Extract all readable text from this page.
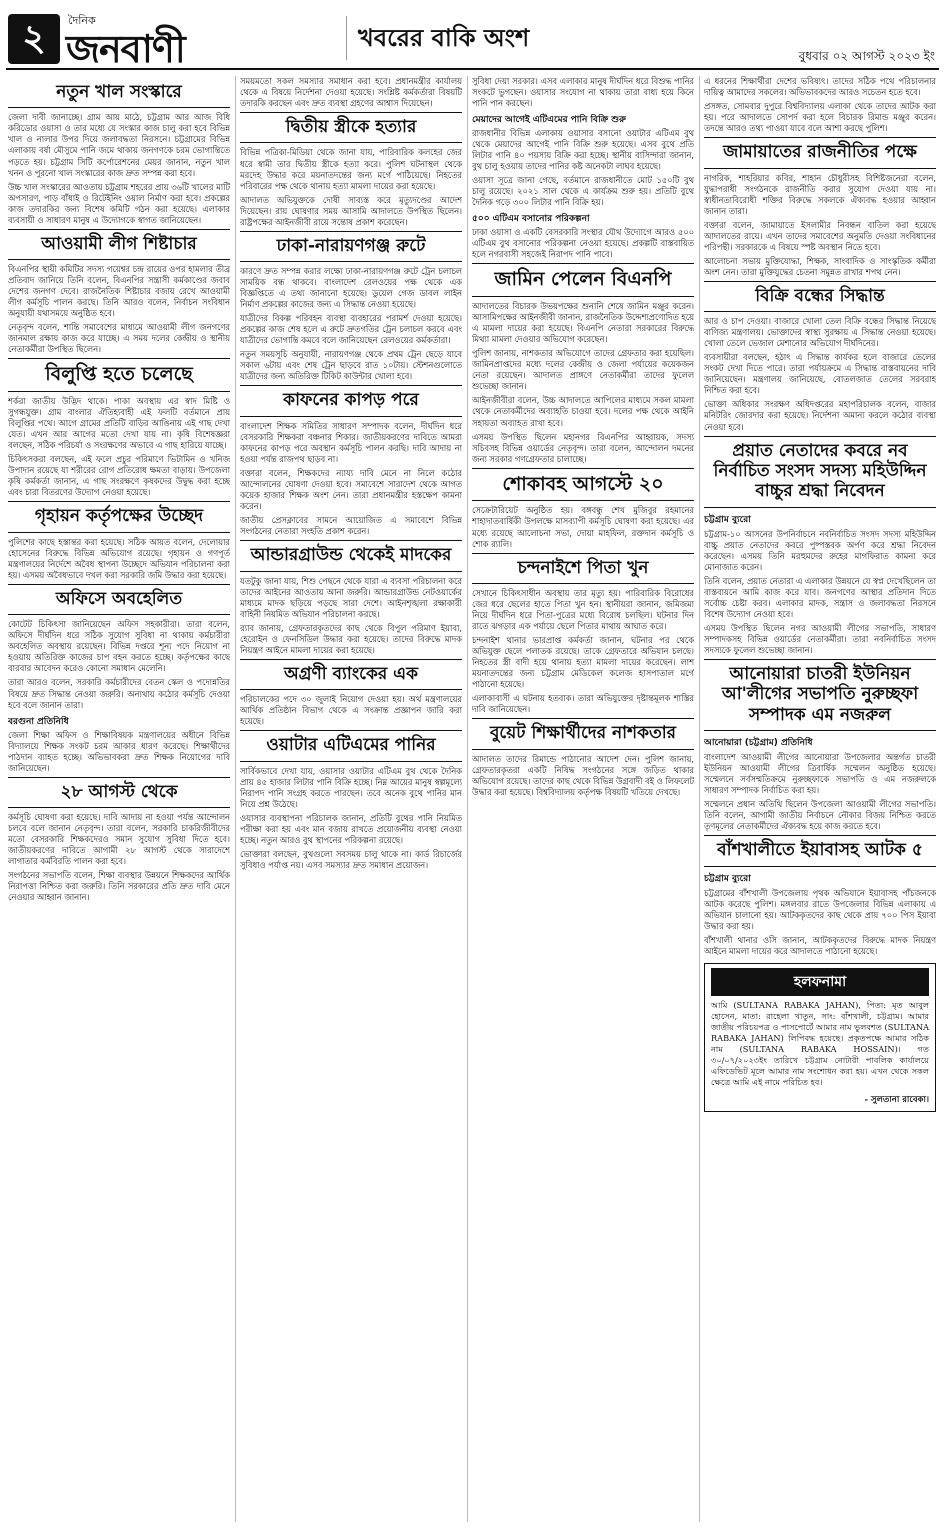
২	দৈনিক
জনবাণী	খবরের বাকি অংশ
বুধবার ০২ আগস্ট ২০২৩ ইং
নতুন খাল সংস্কারে

জেলা দাবী জানাচ্ছে। গ্রাম আয় মাঠে, চট্টগ্রাম আর আজ বিধি করিডোর ওয়াসা ও তার মধ্যে যে সংস্কার কাজ চালু করা হবে বিভিন্ন খাল ও নালার উপর দিয়ে জলাবদ্ধতা নিরসনে। চট্টগ্রামের বিভিন্ন এলাকায় বর্ষা মৌসুমে পানি জমে থাকায় জনগণকে চরম ভোগান্তিতে পড়তে হয়। চট্টগ্রাম সিটি কর্পোরেশনের মেয়র জানান, নতুন খাল খনন ও পুরনো খাল সংস্কারের কাজ দ্রুত সম্পন্ন করা হবে।

উচ্চ খাল সংস্কারের আওতায় চট্টগ্রাম শহরের প্রায় ৩৬টি খালের মাটি অপসারণ, পাড় বাঁধাই ও রিটেইনিং ওয়াল নির্মাণ করা হবে। প্রকল্পের কাজ তদারকির জন্য বিশেষ কমিটি গঠন করা হয়েছে। এলাকার ব্যবসায়ী ও সাধারণ মানুষ এ উদ্যোগকে স্বাগত জানিয়েছেন।

আওয়ামী লীগ শিষ্টাচার

বিএনপির স্থায়ী কমিটির সদস্য গয়েশ্বর চন্দ্র রায়ের ওপর হামলার তীব্র প্রতিবাদ জানিয়ে তিনি বলেন, বিএনপির সন্ত্রাসী কর্মকাণ্ডের জবাব দেশের জনগণ দেবে। রাজনৈতিক শিষ্টাচার বজায় রেখে আওয়ামী লীগ কর্মসূচি পালন করছে। তিনি আরও বলেন, নির্বাচন সংবিধান অনুযায়ী যথাসময়ে অনুষ্ঠিত হবে।

নেতৃবৃন্দ বলেন, শান্তি সমাবেশের মাধ্যমে আওয়ামী লীগ জনগণের জানমাল রক্ষায় কাজ করে যাচ্ছে। এ সময় দলের কেন্দ্রীয় ও স্থানীয় নেতাকর্মীরা উপস্থিত ছিলেন।

বিলুপ্তি হতে চলেছে

শর্করা জাতীয় উদ্ভিদ থাকে। পাকা অবস্থায় এর স্বাদ মিষ্টি ও সুগন্ধযুক্ত। গ্রাম বাংলার ঐতিহ্যবাহী এই ফলটি বর্তমানে প্রায় বিলুপ্তির পথে। আগে গ্রামের প্রতিটি বাড়ির আঙিনায় এই গাছ দেখা যেত। এখন আর আগের মতো দেখা যায় না। কৃষি বিশেষজ্ঞরা বলছেন, সঠিক পরিচর্যা ও সংরক্ষণের অভাবে এ গাছ হারিয়ে যাচ্ছে।

চিকিৎসকরা বলছেন, এই ফলে প্রচুর পরিমাণে ভিটামিন ও খনিজ উপাদান রয়েছে যা শরীরের রোগ প্রতিরোধ ক্ষমতা বাড়ায়। উপজেলা কৃষি কর্মকর্তা জানান, এ গাছ সংরক্ষণে কৃষকদের উদ্বুদ্ধ করা হচ্ছে এবং চারা বিতরণের উদ্যোগ নেওয়া হয়েছে।

গৃহায়ন কর্তৃপক্ষের উচ্ছেদ

পুলিশের কাছে হস্তান্তর করা হয়েছে। সঠিক আয়ত বলেন, দেলোয়ার হোসেনের বিরুদ্ধে বিভিন্ন অভিযোগ রয়েছে। গৃহায়ন ও গণপূর্ত মন্ত্রণালয়ের নির্দেশে অবৈধ স্থাপনা উচ্ছেদে অভিযান পরিচালনা করা হয়। এসময় অবৈধভাবে দখল করা সরকারি জমি উদ্ধার করা হয়েছে।

অফিসে অবহেলিত

কোটেট চিকিৎসা জানিয়েছেন অফিস সহকারীরা। তারা বলেন, অফিসে দীর্ঘদিন ধরে সঠিক সুযোগ সুবিধা না থাকায় কর্মচারীরা অবহেলিত অবস্থায় রয়েছেন। বিভিন্ন দপ্তরে শূন্য পদে নিয়োগ না হওয়ায় অতিরিক্ত কাজের চাপ বহন করতে হচ্ছে। কর্তৃপক্ষের কাছে বারবার আবেদন করেও কোনো সমাধান মেলেনি।

তারা আরও বলেন, সরকারি কর্মচারীদের বেতন স্কেল ও পদোন্নতির বিষয়ে দ্রুত সিদ্ধান্ত নেওয়া জরুরি। অন্যথায় কঠোর কর্মসূচি দেওয়া হবে বলে জানান তারা।

বরগুনা প্রতিনিধি

জেলা শিক্ষা অফিস ও শিক্ষাবিষয়ক মন্ত্রণালয়ের অধীনে বিভিন্ন বিদ্যালয়ে শিক্ষক সংকট চরম আকার ধারণ করেছে। শিক্ষার্থীদের পাঠদান ব্যাহত হচ্ছে। অভিভাবকরা দ্রুত শিক্ষক নিয়োগের দাবি জানিয়েছেন।

২৮ আগস্ট থেকে

কর্মসূচি ঘোষণা করা হয়েছে। দাবি আদায় না হওয়া পর্যন্ত আন্দোলন চলবে বলে জানান নেতৃবৃন্দ। তারা বলেন, সরকারি চাকরিজীবীদের মতো বেসরকারি শিক্ষকদেরও সমান সুযোগ সুবিধা দিতে হবে। জাতীয়করণের দাবিতে আগামী ২৮ আগস্ট থেকে সারাদেশে লাগাতার কর্মবিরতি পালন করা হবে।

সংগঠনের সভাপতি বলেন, শিক্ষা ব্যবস্থার উন্নয়নে শিক্ষকদের আর্থিক নিরাপত্তা নিশ্চিত করা জরুরি। তিনি সরকারের প্রতি দ্রুত দাবি মেনে নেওয়ার আহ্বান জানান।

সময়মতো সকল সমস্যার সমাধান করা হবে। প্রধানমন্ত্রীর কার্যালয় থেকে এ বিষয়ে নির্দেশনা দেওয়া হয়েছে। সংশ্লিষ্ট কর্মকর্তারা বিষয়টি তদারকি করছেন এবং দ্রুত ব্যবস্থা গ্রহণের আশ্বাস দিয়েছেন।

দ্বিতীয় স্ত্রীকে হত্যার

বিভিন্ন পত্রিকা-মিডিয়া থেকে জানা যায়, পারিবারিক কলহের জের ধরে স্বামী তার দ্বিতীয় স্ত্রীকে হত্যা করে। পুলিশ ঘটনাস্থল থেকে মরদেহ উদ্ধার করে ময়নাতদন্তের জন্য মর্গে পাঠিয়েছে। নিহতের পরিবারের পক্ষ থেকে থানায় হত্যা মামলা দায়ের করা হয়েছে।

আদালত অভিযুক্তকে দোষী সাব্যস্ত করে মৃত্যুদণ্ডের আদেশ দিয়েছেন। রায় ঘোষণার সময় আসামি আদালতে উপস্থিত ছিলেন। রাষ্ট্রপক্ষের আইনজীবী রায়ে সন্তোষ প্রকাশ করেছেন।

ঢাকা-নারায়ণগঞ্জ রুটে

কারণে দ্রুত সম্পন্ন করার লক্ষ্যে ঢাকা-নারায়ণগঞ্জ রুটে ট্রেন চলাচল সাময়িক বন্ধ থাকবে। বাংলাদেশ রেলওয়ের পক্ষ থেকে এক বিজ্ঞপ্তিতে এ তথ্য জানানো হয়েছে। ডুয়েল গেজ ডাবল লাইন নির্মাণ প্রকল্পের কাজের জন্য এ সিদ্ধান্ত নেওয়া হয়েছে।

যাত্রীদের বিকল্প পরিবহন ব্যবস্থা ব্যবহারের পরামর্শ দেওয়া হয়েছে। প্রকল্পের কাজ শেষ হলে এ রুটে দ্রুতগতির ট্রেন চলাচল করবে এবং যাত্রীদের ভোগান্তি কমবে বলে জানিয়েছেন রেলওয়ের কর্মকর্তারা।

নতুন সময়সূচি অনুযায়ী, নারায়ণগঞ্জ থেকে প্রথম ট্রেন ছেড়ে যাবে সকাল ৬টায় এবং শেষ ট্রেন ছাড়বে রাত ১০টায়। স্টেশনগুলোতে যাত্রীদের জন্য অতিরিক্ত টিকিট কাউন্টার খোলা হবে।

কাফনের কাপড় পরে

বাংলাদেশ শিক্ষক সমিতির সাধারণ সম্পাদক বলেন, দীর্ঘদিন ধরে বেসরকারি শিক্ষকরা বঞ্চনার শিকার। জাতীয়করণের দাবিতে আমরা কাফনের কাপড় পরে অবস্থান কর্মসূচি পালন করছি। দাবি আদায় না হওয়া পর্যন্ত রাজপথ ছাড়ব না।

বক্তারা বলেন, শিক্ষকদের ন্যায্য দাবি মেনে না নিলে কঠোর আন্দোলনের ঘোষণা দেওয়া হবে। সমাবেশে সারাদেশ থেকে আগত কয়েক হাজার শিক্ষক অংশ নেন। তারা প্রধানমন্ত্রীর হস্তক্ষেপ কামনা করেন।

জাতীয় প্রেসক্লাবের সামনে আয়োজিত এ সমাবেশে বিভিন্ন সংগঠনের নেতারা সংহতি প্রকাশ করেন।

আন্ডারগ্রাউন্ড থেকেই মাদকের

যতটুকু জানা যায়, শিশু পেছনে থেকে যারা এ ব্যবসা পরিচালনা করে তাদের আইনের আওতায় আনা জরুরি। আন্ডারগ্রাউন্ড নেটওয়ার্কের মাধ্যমে মাদক ছড়িয়ে পড়ছে সারা দেশে। আইনশৃঙ্খলা রক্ষাকারী বাহিনী নিয়মিত অভিযান পরিচালনা করছে।

র‍্যাব জানায়, গ্রেফতারকৃতদের কাছ থেকে বিপুল পরিমাণ ইয়াবা, হেরোইন ও ফেনসিডিল উদ্ধার করা হয়েছে। তাদের বিরুদ্ধে মাদক নিয়ন্ত্রণ আইনে মামলা দায়ের করা হয়েছে।

অগ্রণী ব্যাংকের এক

পরিচালকের পদে ৩০ জুলাই নিয়োগ দেওয়া হয়। অর্থ মন্ত্রণালয়ের আর্থিক প্রতিষ্ঠান বিভাগ থেকে এ সংক্রান্ত প্রজ্ঞাপন জারি করা হয়েছে।

ওয়াটার এটিএমের পানির

সার্বিকভাবে দেখা যায়, ওয়াসার ওয়াটার এটিএম বুথ থেকে দৈনিক প্রায় ৪৫ হাজার লিটার পানি বিক্রি হচ্ছে। নিম্ন আয়ের মানুষ স্বল্পমূল্যে নিরাপদ পানি সংগ্রহ করতে পারছেন। তবে অনেক বুথে পানির মান নিয়ে প্রশ্ন উঠেছে।

ওয়াসার ব্যবস্থাপনা পরিচালক জানান, প্রতিটি বুথের পানি নিয়মিত পরীক্ষা করা হয় এবং মান বজায় রাখতে প্রয়োজনীয় ব্যবস্থা নেওয়া হচ্ছে। নতুন আরও বুথ স্থাপনের পরিকল্পনা রয়েছে।

ভোক্তারা বলছেন, বুথগুলো সবসময় চালু থাকে না। কার্ড রিচার্জের সুবিধাও পর্যাপ্ত নয়। এসব সমস্যার দ্রুত সমাধান প্রয়োজন।

সুবিধা দেয়া সরকার। এসব এলাকার মানুষ দীর্ঘদিন ধরে বিশুদ্ধ পানির সংকটে ভুগছেন। ওয়াসার সংযোগ না থাকায় তারা বাধ্য হয়ে কিনে পানি পান করছেন।

মেয়াদের আগেই এটিএমের পানি বিক্রি শুরু

রাজধানীর বিভিন্ন এলাকায় ওয়াসার বসানো ওয়াটার এটিএম বুথ থেকে মেয়াদের আগেই পানি বিক্রি শুরু হয়েছে। এসব বুথে প্রতি লিটার পানি ৪০ পয়সায় বিক্রি করা হচ্ছে। স্থানীয় বাসিন্দারা জানান, বুথ চালু হওয়ায় তাদের পানির কষ্ট অনেকটা লাঘব হয়েছে।

ওয়াসা সূত্রে জানা গেছে, বর্তমানে রাজধানীতে মোট ১৫০টি বুথ চালু রয়েছে। ২০২১ সাল থেকে এ কার্যক্রম শুরু হয়। প্রতিটি বুথে দৈনিক গড়ে ৩০০ লিটার পানি বিক্রি হয়।

৫০০ এটিএম বসানোর পরিকল্পনা

ঢাকা ওয়াসা ও একটি বেসরকারি সংস্থার যৌথ উদ্যোগে আরও ৫০০ এটিএম বুথ বসানোর পরিকল্পনা নেওয়া হয়েছে। প্রকল্পটি বাস্তবায়িত হলে নগরবাসী সহজেই নিরাপদ পানি পাবে।

জামিন পেলেন বিএনপি

আদালতের বিচারক উভয়পক্ষের শুনানি শেষে জামিন মঞ্জুর করেন। আসামিপক্ষের আইনজীবী জানান, রাজনৈতিক উদ্দেশ্যপ্রণোদিত হয়ে এ মামলা দায়ের করা হয়েছে। বিএনপি নেতারা সরকারের বিরুদ্ধে মিথ্যা মামলা দেওয়ার অভিযোগ করেছেন।

পুলিশ জানায়, নাশকতার অভিযোগে তাদের গ্রেফতার করা হয়েছিল। জামিনপ্রাপ্তদের মধ্যে দলের কেন্দ্রীয় ও জেলা পর্যায়ের কয়েকজন নেতা রয়েছেন। আদালত প্রাঙ্গণে নেতাকর্মীরা তাদের ফুলেল শুভেচ্ছা জানান।

আইনজীবীরা বলেন, উচ্চ আদালতে আপিলের মাধ্যমে সকল মামলা থেকে নেতাকর্মীদের অব্যাহতি চাওয়া হবে। দলের পক্ষ থেকে আইনি সহায়তা অব্যাহত রাখা হবে।

এসময় উপস্থিত ছিলেন মহানগর বিএনপির আহ্বায়ক, সদস্য সচিবসহ বিভিন্ন ওয়ার্ডের নেতৃবৃন্দ। তারা বলেন, আন্দোলন দমনের জন্য সরকার গণগ্রেফতার চালাচ্ছে।

শোকাবহ আগস্টে ২০

সেক্রেটারিয়েট অনুষ্ঠিত হয়। বঙ্গবন্ধু শেখ মুজিবুর রহমানের শাহাদাতবার্ষিকী উপলক্ষে মাসব্যাপী কর্মসূচি ঘোষণা করা হয়েছে। এর মধ্যে রয়েছে আলোচনা সভা, দোয়া মাহফিল, রক্তদান কর্মসূচি ও শোক র‍্যালি।

চন্দনাইশে পিতা খুন

সেখানে চিকিৎসাধীন অবস্থায় তার মৃত্যু হয়। পারিবারিক বিরোধের জের ধরে ছেলের হাতে পিতা খুন হন। স্থানীয়রা জানান, জমিজমা নিয়ে দীর্ঘদিন ধরে পিতা-পুত্রের মধ্যে বিরোধ চলছিল। ঘটনার দিন রাতে ঝগড়ার এক পর্যায়ে ছেলে পিতার মাথায় আঘাত করে।

চন্দনাইশ থানার ভারপ্রাপ্ত কর্মকর্তা জানান, ঘটনার পর থেকে অভিযুক্ত ছেলে পলাতক রয়েছে। তাকে গ্রেফতারে অভিযান চলছে। নিহতের স্ত্রী বাদী হয়ে থানায় হত্যা মামলা দায়ের করেছেন। লাশ ময়নাতদন্তের জন্য চট্টগ্রাম মেডিকেল কলেজ হাসপাতাল মর্গে পাঠানো হয়েছে।

এলাকাবাসী এ ঘটনায় হতবাক। তারা অভিযুক্তের দৃষ্টান্তমূলক শাস্তির দাবি জানিয়েছেন।

বুয়েট শিক্ষার্থীদের নাশকতার

আদালত তাদের রিমান্ডে পাঠানোর আদেশ দেন। পুলিশ জানায়, গ্রেফতারকৃতরা একটি নিষিদ্ধ সংগঠনের সঙ্গে জড়িত থাকার অভিযোগ রয়েছে। তাদের কাছ থেকে বিভিন্ন উগ্রবাদী বই ও লিফলেট উদ্ধার করা হয়েছে। বিশ্ববিদ্যালয় কর্তৃপক্ষ বিষয়টি খতিয়ে দেখছে।

এ ধরনের শিক্ষার্থীরা দেশের ভবিষ্যৎ। তাদের সঠিক পথে পরিচালনার দায়িত্ব আমাদের সকলের। অভিভাবকদের আরও সচেতন হতে হবে।

প্রসঙ্গত, সোমবার দুপুরে বিশ্ববিদ্যালয় এলাকা থেকে তাদের আটক করা হয়। পরে আদালতে সোপর্দ করা হলে বিচারক রিমান্ড মঞ্জুর করেন। তদন্তে আরও তথ্য পাওয়া যাবে বলে আশা করছে পুলিশ।

জামায়াতের রাজনীতির পক্ষে

নাগরিক, শাহরিয়ার কবির, শাহান চৌধুরীসহ বিশিষ্টজনেরা বলেন, যুদ্ধাপরাধী সংগঠনকে রাজনীতি করার সুযোগ দেওয়া যায় না। স্বাধীনতাবিরোধী শক্তির বিরুদ্ধে সকলকে ঐক্যবদ্ধ হওয়ার আহ্বান জানান তারা।

বক্তারা বলেন, জামায়াতে ইসলামীর নিবন্ধন বাতিল করা হয়েছে আদালতের রায়ে। এখন তাদের সমাবেশের অনুমতি দেওয়া সংবিধানের পরিপন্থী। সরকারকে এ বিষয়ে স্পষ্ট অবস্থান নিতে হবে।

আলোচনা সভায় মুক্তিযোদ্ধা, শিক্ষক, সাংবাদিক ও সাংস্কৃতিক কর্মীরা অংশ নেন। তারা মুক্তিযুদ্ধের চেতনা সমুন্নত রাখার শপথ নেন।

বিক্রি বন্ধের সিদ্ধান্ত

আর ও চাপ দেওয়া। বাজারে খোলা তেল বিক্রি বন্ধের সিদ্ধান্ত নিয়েছে বাণিজ্য মন্ত্রণালয়। ভোক্তাদের স্বাস্থ্য সুরক্ষায় এ সিদ্ধান্ত নেওয়া হয়েছে। খোলা তেলে ভেজাল মেশানোর অভিযোগ দীর্ঘদিনের।

ব্যবসায়ীরা বলছেন, হঠাৎ এ সিদ্ধান্ত কার্যকর হলে বাজারে তেলের সংকট দেখা দিতে পারে। তারা পর্যায়ক্রমে এ সিদ্ধান্ত বাস্তবায়নের দাবি জানিয়েছেন। মন্ত্রণালয় জানিয়েছে, বোতলজাত তেলের সরবরাহ নিশ্চিত করা হবে।

ভোক্তা অধিকার সংরক্ষণ অধিদপ্তরের মহাপরিচালক বলেন, বাজার মনিটরিং জোরদার করা হয়েছে। নির্দেশনা অমান্য করলে কঠোর ব্যবস্থা নেওয়া হবে।

প্রয়াত নেতাদের কবরে নব নির্বাচিত সংসদ সদস্য মহিউদ্দিন বাচ্চুর শ্রদ্ধা নিবেদন
চট্টগ্রাম ব্যুরো

চট্টগ্রাম-১০ আসনের উপনির্বাচনে নবনির্বাচিত সংসদ সদস্য মহিউদ্দিন বাচ্চু প্রয়াত নেতাদের কবরে পুষ্পস্তবক অর্পণ করে শ্রদ্ধা নিবেদন করেছেন। এসময় তিনি মরহুমদের রুহের মাগফিরাত কামনা করে মোনাজাত করেন।

তিনি বলেন, প্রয়াত নেতারা এ এলাকার উন্নয়নে যে স্বপ্ন দেখেছিলেন তা বাস্তবায়নে আমি কাজ করে যাব। জনগণের আস্থার প্রতিদান দিতে সর্বোচ্চ চেষ্টা করব। এলাকার মাদক, সন্ত্রাস ও জলাবদ্ধতা নিরসনে বিশেষ উদ্যোগ নেওয়া হবে।

এসময় উপস্থিত ছিলেন নগর আওয়ামী লীগের সভাপতি, সাধারণ সম্পাদকসহ বিভিন্ন ওয়ার্ডের নেতাকর্মীরা। তারা নবনির্বাচিত সংসদ সদস্যকে ফুলেল শুভেচ্ছা জানান।

আনোয়ারা চাতরী ইউনিয়ন আ'লীগের সভাপতি নুরুচ্ছফা সম্পাদক এম নজরুল
আনোয়ারা (চট্টগ্রাম) প্রতিনিধি

বাংলাদেশ আওয়ামী লীগের আনোয়ারা উপজেলার অন্তর্গত চাতরী ইউনিয়ন আওয়ামী লীগের ত্রিবার্ষিক সম্মেলন অনুষ্ঠিত হয়েছে। সম্মেলনে সর্বসম্মতিক্রমে নুরুচ্ছফাকে সভাপতি ও এম নজরুলকে সাধারণ সম্পাদক নির্বাচিত করা হয়।

সম্মেলনে প্রধান অতিথি ছিলেন উপজেলা আওয়ামী লীগের সভাপতি। তিনি বলেন, আগামী জাতীয় নির্বাচনে নৌকার বিজয় নিশ্চিত করতে তৃণমূলের নেতাকর্মীদের ঐক্যবদ্ধ হয়ে কাজ করতে হবে।

বাঁশখালীতে ইয়াবাসহ আটক ৫
চট্টগ্রাম ব্যুরো

চট্টগ্রামের বাঁশখালী উপজেলায় পৃথক অভিযানে ইয়াবাসহ পাঁচজনকে আটক করেছে পুলিশ। মঙ্গলবার রাতে উপজেলার বিভিন্ন এলাকায় এ অভিযান চালানো হয়। আটককৃতদের কাছ থেকে প্রায় ৭০০ পিস ইয়াবা উদ্ধার করা হয়।

বাঁশখালী থানার ওসি জানান, আটককৃতদের বিরুদ্ধে মাদক নিয়ন্ত্রণ আইনে মামলা দায়ের করে আদালতে পাঠানো হয়েছে।

হলফনামা
আমি (SULTANA RABAKA JAHAN), পিতা: মৃত আবুল হোসেন, মাতা: রাহেলা খাতুন, সাং: বাঁশখালী, চট্টগ্রাম। আমার জাতীয় পরিচয়পত্র ও পাসপোর্টে আমার নাম ভুলবশত (SULTANA RABAKA JAHAN) লিপিবদ্ধ হয়েছে। প্রকৃতপক্ষে আমার সঠিক নাম (SULTANA RABAKA HOSSAIN)। গত ৩০/০৭/২০২৩ইং তারিখে চট্টগ্রাম নোটারী পাবলিক কার্যালয়ে এফিডেভিট মূলে আমার নাম সংশোধন করা হয়। এখন থেকে সকল ক্ষেত্রে আমি এই নামে পরিচিত হব।
- সুলতানা রাবেকা।
